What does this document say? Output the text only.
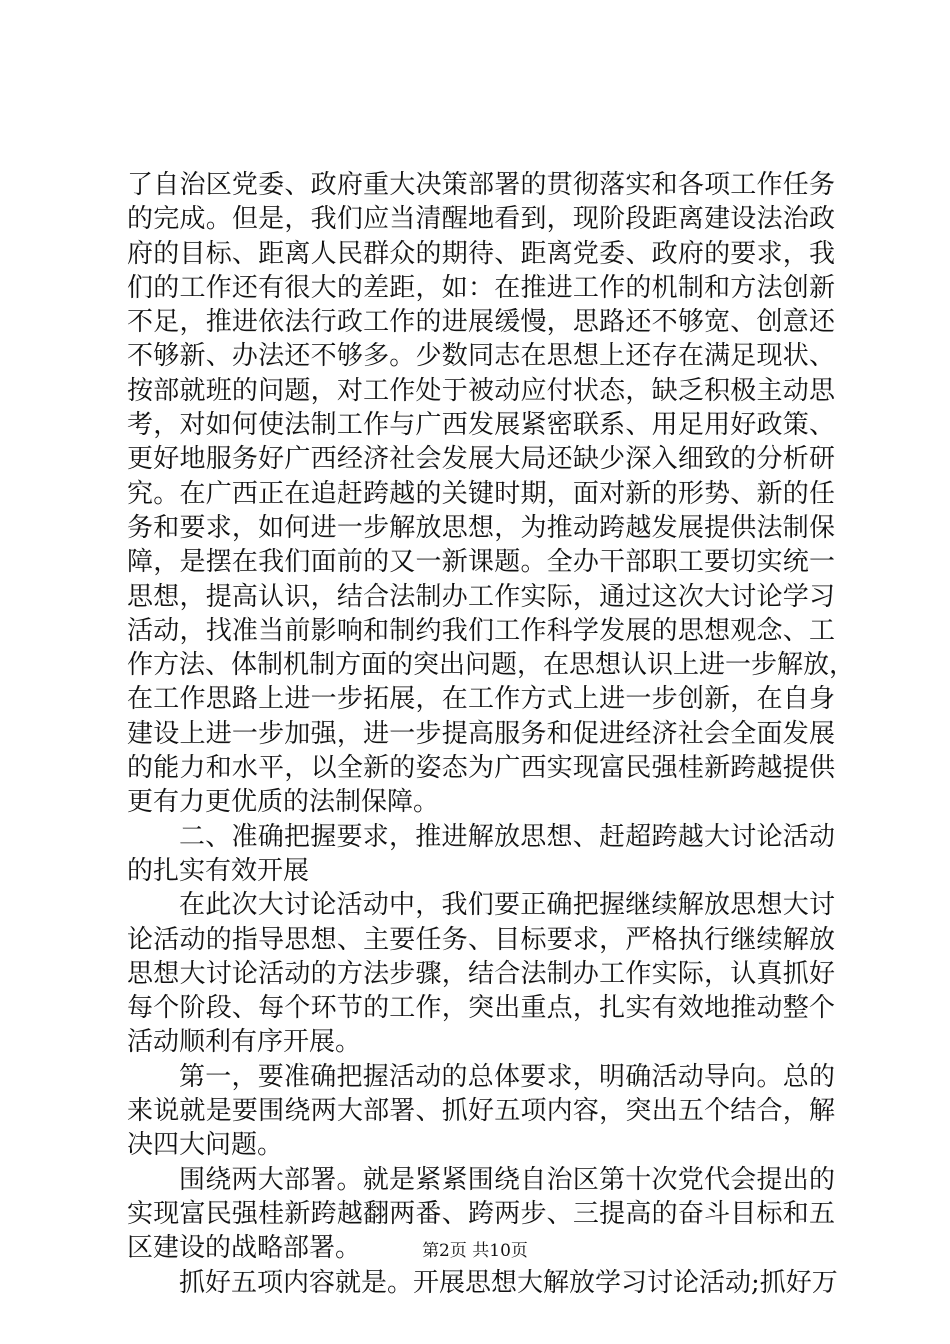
了自治区党委、政府重大决策部署的贯彻落实和各项工作任务
的完成。但是，我们应当清醒地看到，现阶段距离建设法治政
府的目标、距离人民群众的期待、距离党委、政府的要求，我
们的工作还有很大的差距，如：在推进工作的机制和方法创新
不足，推进依法行政工作的进展缓慢，思路还不够宽、创意还
不够新、办法还不够多。少数同志在思想上还存在满足现状、
按部就班的问题，对工作处于被动应付状态，缺乏积极主动思
考，对如何使法制工作与广西发展紧密联系、用足用好政策、
更好地服务好广西经济社会发展大局还缺少深入细致的分析研
究。在广西正在追赶跨越的关键时期，面对新的形势、新的任
务和要求，如何进一步解放思想，为推动跨越发展提供法制保
障，是摆在我们面前的又一新课题。全办干部职工要切实统一
思想，提高认识，结合法制办工作实际，通过这次大讨论学习
活动，找准当前影响和制约我们工作科学发展的思想观念、工
作方法、体制机制方面的突出问题，在思想认识上进一步解放，
在工作思路上进一步拓展，在工作方式上进一步创新，在自身
建设上进一步加强，进一步提高服务和促进经济社会全面发展
的能力和水平，以全新的姿态为广西实现富民强桂新跨越提供
更有力更优质的法制保障。
二、准确把握要求，推进解放思想、赶超跨越大讨论活动
的扎实有效开展
在此次大讨论活动中，我们要正确把握继续解放思想大讨
论活动的指导思想、主要任务、目标要求，严格执行继续解放
思想大讨论活动的方法步骤，结合法制办工作实际，认真抓好
每个阶段、每个环节的工作，突出重点，扎实有效地推动整个
活动顺利有序开展。
第一，要准确把握活动的总体要求，明确活动导向。总的
来说就是要围绕两大部署、抓好五项内容，突出五个结合，解
决四大问题。
围绕两大部署。就是紧紧围绕自治区第十次党代会提出的
实现富民强桂新跨越翻两番、跨两步、三提高的奋斗目标和五
区建设的战略部署。
抓好五项内容就是。开展思想大解放学习讨论活动;抓好万
第2页 共10页
